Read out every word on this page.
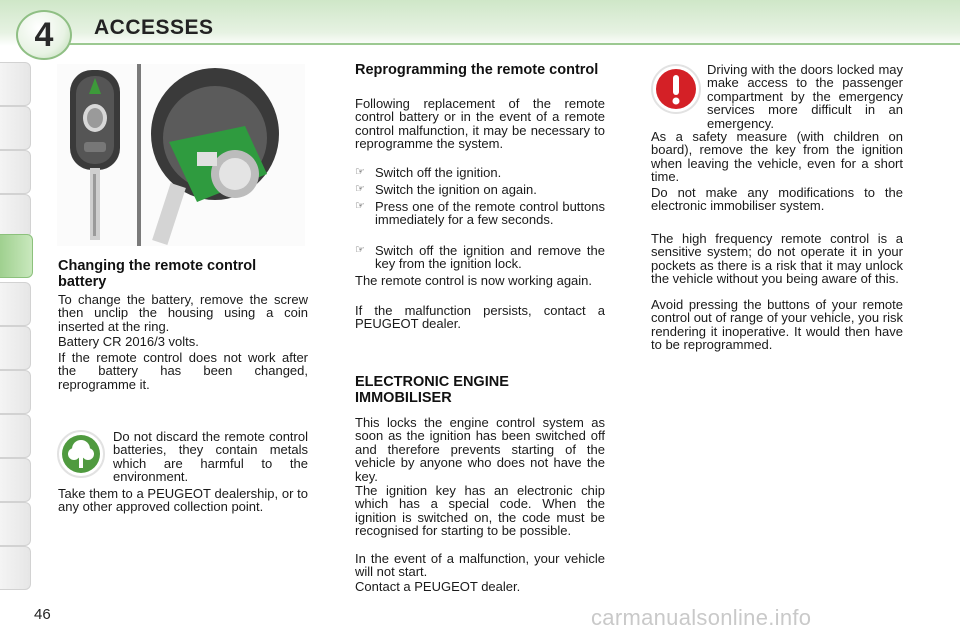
4	ACCESSES
Changing the remote control battery
To change the battery, remove the screw then unclip the housing using a coin inserted at the ring.
Battery CR 2016/3 volts.
If the remote control does not work after the battery has been changed, reprogramme it.
Do not discard the remote control batteries, they contain metals which are harmful to the environment.
Take them to a PEUGEOT dealership, or to any other approved collection point.
Reprogramming the remote control
Following replacement of the remote control battery or in the event of a remote control malfunction, it may be necessary to reprogramme the system.
☞ Switch off the ignition.
☞ Switch the ignition on again.
☞ Press one of the remote control buttons immediately for a few seconds.
☞ Switch off the ignition and remove the key from the ignition lock.
The remote control is now working again.
If the malfunction persists, contact a PEUGEOT dealer.
ELECTRONIC ENGINE IMMOBILISER
This locks the engine control system as soon as the ignition has been switched off and therefore prevents starting of the vehicle by anyone who does not have the key.
The ignition key has an electronic chip which has a special code. When the ignition is switched on, the code must be recognised for starting to be possible.
In the event of a malfunction, your vehicle will not start.
Contact a PEUGEOT dealer.
Driving with the doors locked may make access to the passenger compartment by the emergency services more difficult in an emergency.
As a safety measure (with children on board), remove the key from the ignition when leaving the vehicle, even for a short time.
Do not make any modifications to the electronic immobiliser system.
The high frequency remote control is a sensitive system; do not operate it in your pockets as there is a risk that it may unlock the vehicle without you being aware of this.
Avoid pressing the buttons of your remote control out of range of your vehicle, you risk rendering it inoperative. It would then have to be reprogrammed.
46	carmanualsonline.info
